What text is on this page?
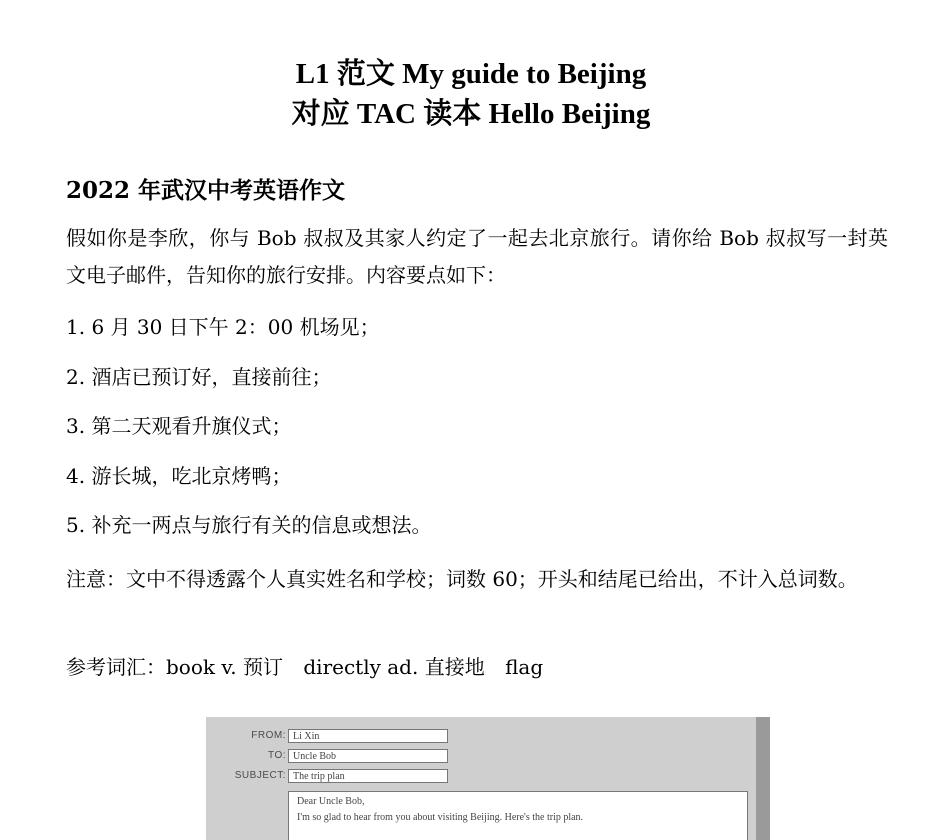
L1 范文 My guide to Beijing
对应 TAC 读本 Hello Beijing
2022 年武汉中考英语作文
假如你是李欣，你与 Bob 叔叔及其家人约定了一起去北京旅行。请你给 Bob 叔叔写一封英文电子邮件，告知你的旅行安排。内容要点如下：
1. 6 月 30 日下午 2：00 机场见；
2. 酒店已预订好，直接前往；
3. 第二天观看升旗仪式；
4. 游长城，吃北京烤鸭；
5. 补充一两点与旅行有关的信息或想法。
注意：文中不得透露个人真实姓名和学校；词数 60；开头和结尾已给出，不计入总词数。
参考词汇：book v. 预订 directly ad. 直接地 flag
FROM: Li Xin
TO: Uncle Bob
SUBJECT: The trip plan
Dear Uncle Bob,
I'm so glad to hear from you about visiting Beijing. Here's the trip plan.
